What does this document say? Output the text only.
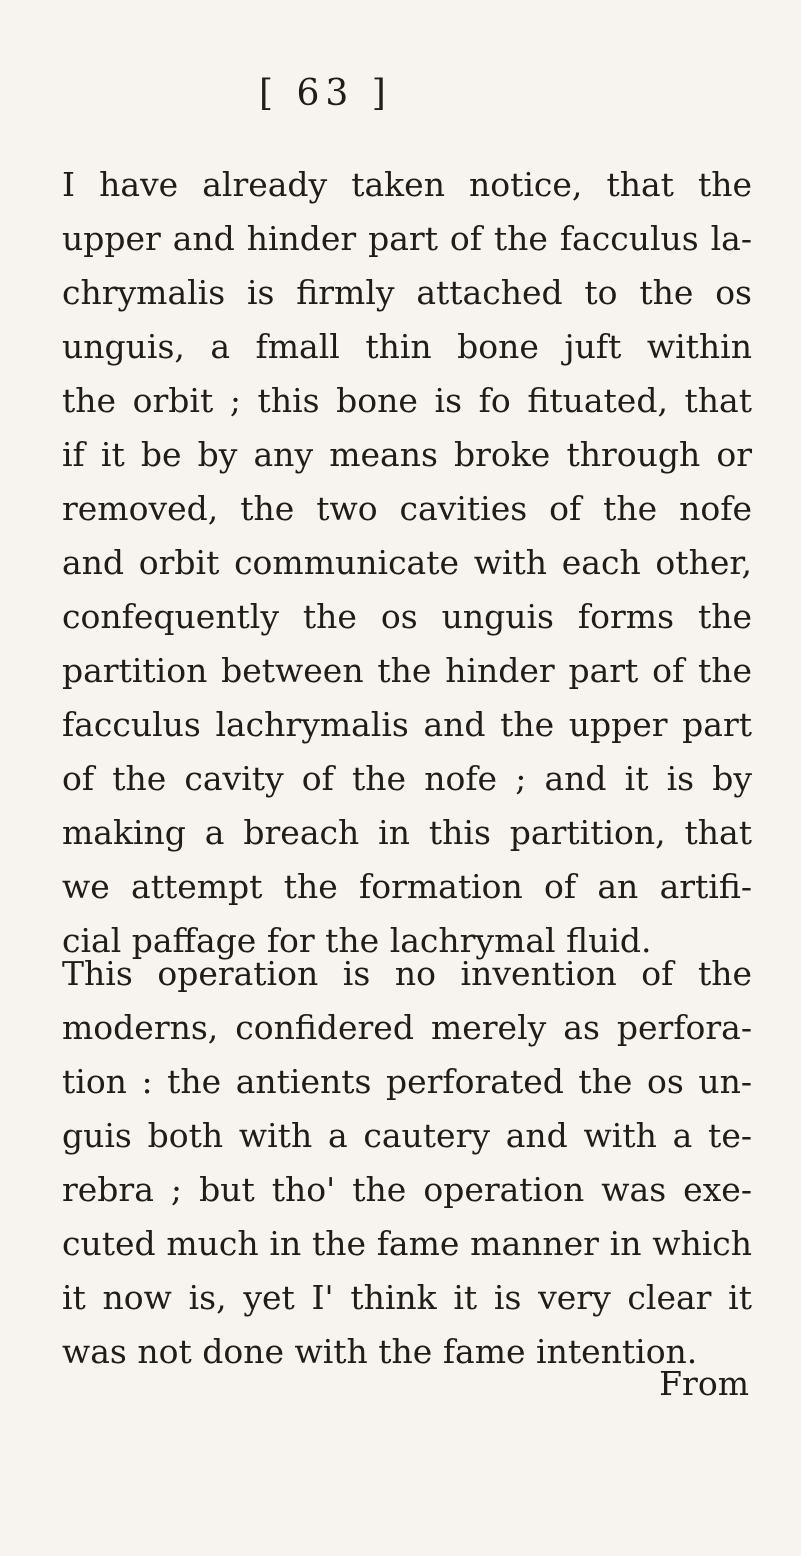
[ 63 ]
I have already taken notice, that the
upper and hinder part of the facculus la-
chrymalis is firmly attached to the os
unguis, a fmall thin bone juft within
the orbit ; this bone is fo fituated, that
if it be by any means broke through or
removed, the two cavities of the nofe
and orbit communicate with each other,
confequently the os unguis forms the
partition between the hinder part of the
facculus lachrymalis and the upper part
of the cavity of the nofe ; and it is by
making a breach in this partition, that
we attempt the formation of an artifi-
cial paffage for the lachrymal fluid.
This operation is no invention of the
moderns, confidered merely as perfora-
tion : the antients perforated the os un-
guis both with a cautery and with a te-
rebra ; but tho' the operation was exe-
cuted much in the fame manner in which
it now is, yet I' think it is very clear it
was not done with the fame intention.
From
